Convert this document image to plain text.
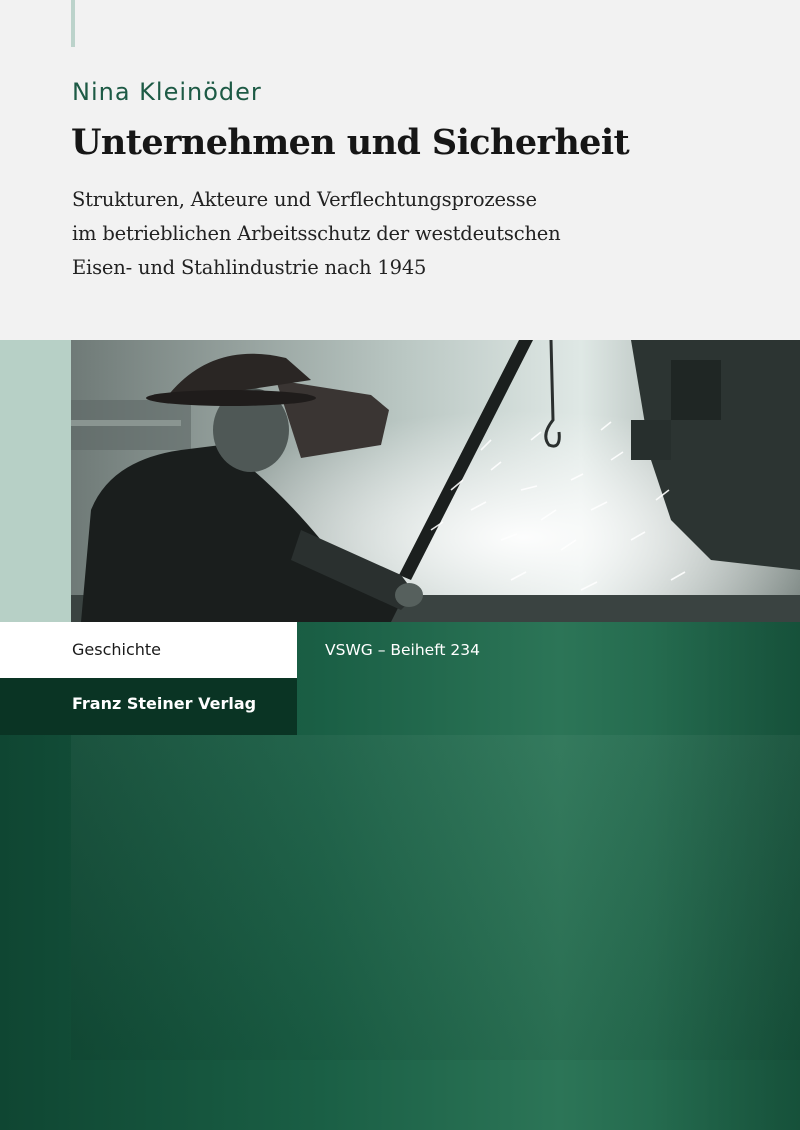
Nina Kleinöder
Unternehmen und Sicherheit
Strukturen, Akteure und Verflechtungsprozesse
im betrieblichen Arbeitsschutz der westdeutschen
Eisen- und Stahlindustrie nach 1945
Geschichte
Franz Steiner Verlag
VSWG – Beiheft 234
